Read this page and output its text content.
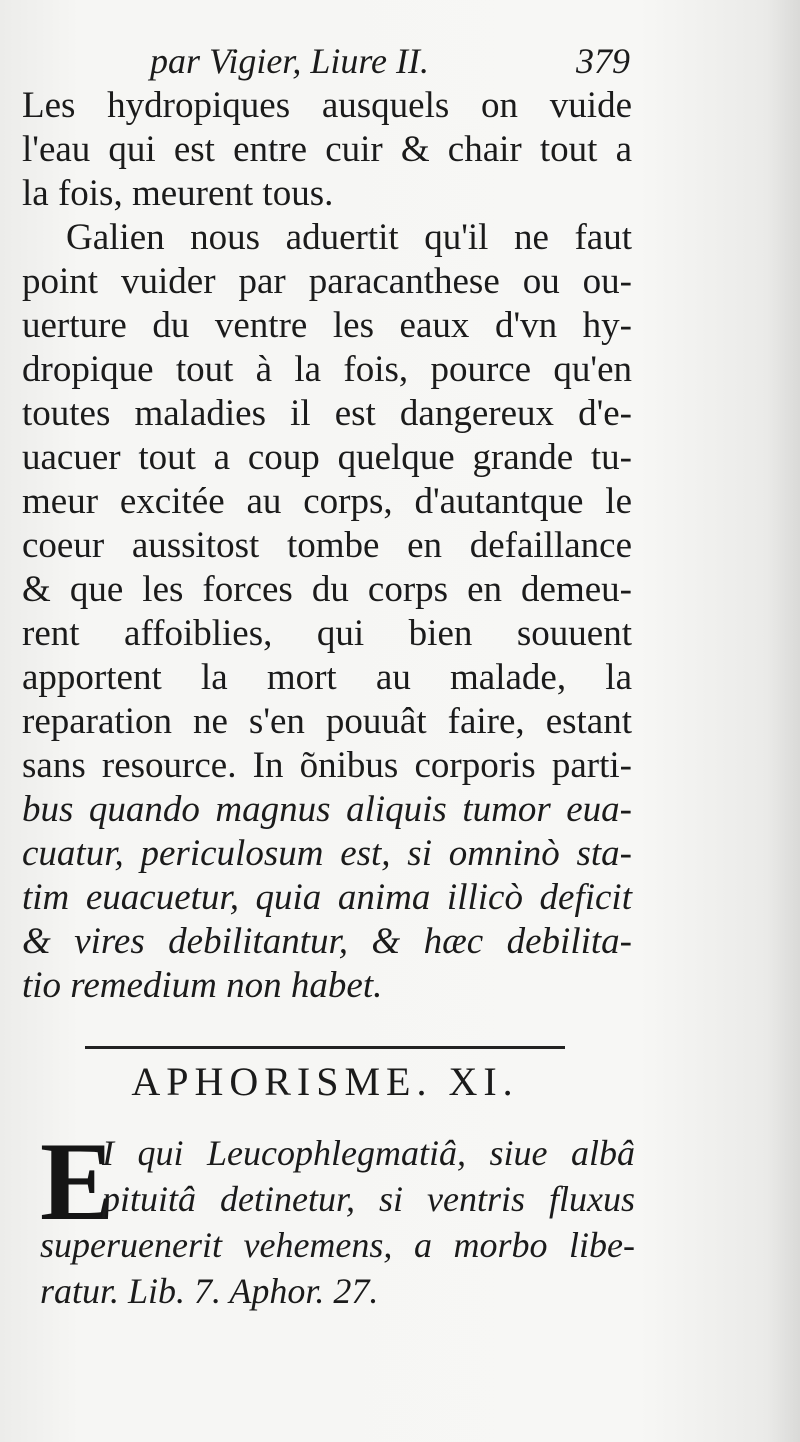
par Vigier, Liure II.	379
Les hydropiques ausquels on vuide
l'eau qui est entre cuir & chair tout a
la fois, meurent tous.
Galien nous aduertit qu'il ne faut
point vuider par paracanthese ou ou-
uerture du ventre les eaux d'vn hy-
dropique tout à la fois, pource qu'en
toutes maladies il est dangereux d'e-
uacuer tout a coup quelque grande tu-
meur excitée au corps, d'autantque le
coeur aussitost tombe en defaillance
& que les forces du corps en demeu-
rent affoiblies, qui bien souuent
apportent la mort au malade, la
reparation ne s'en pouuât faire, estant
sans resource. In õnibus corporis parti-
bus quando magnus aliquis tumor eua-
cuatur, periculosum est, si omninò sta-
tim euacuetur, quia anima illicò deficit
& vires debilitantur, & hæc debilita-
tio remedium non habet.
APHORISME. XI.
E
I qui Leucophlegmatiâ, siue albâ
pituitâ detinetur, si ventris fluxus
superuenerit vehemens, a morbo libe-
ratur. Lib. 7. Aphor. 27.
